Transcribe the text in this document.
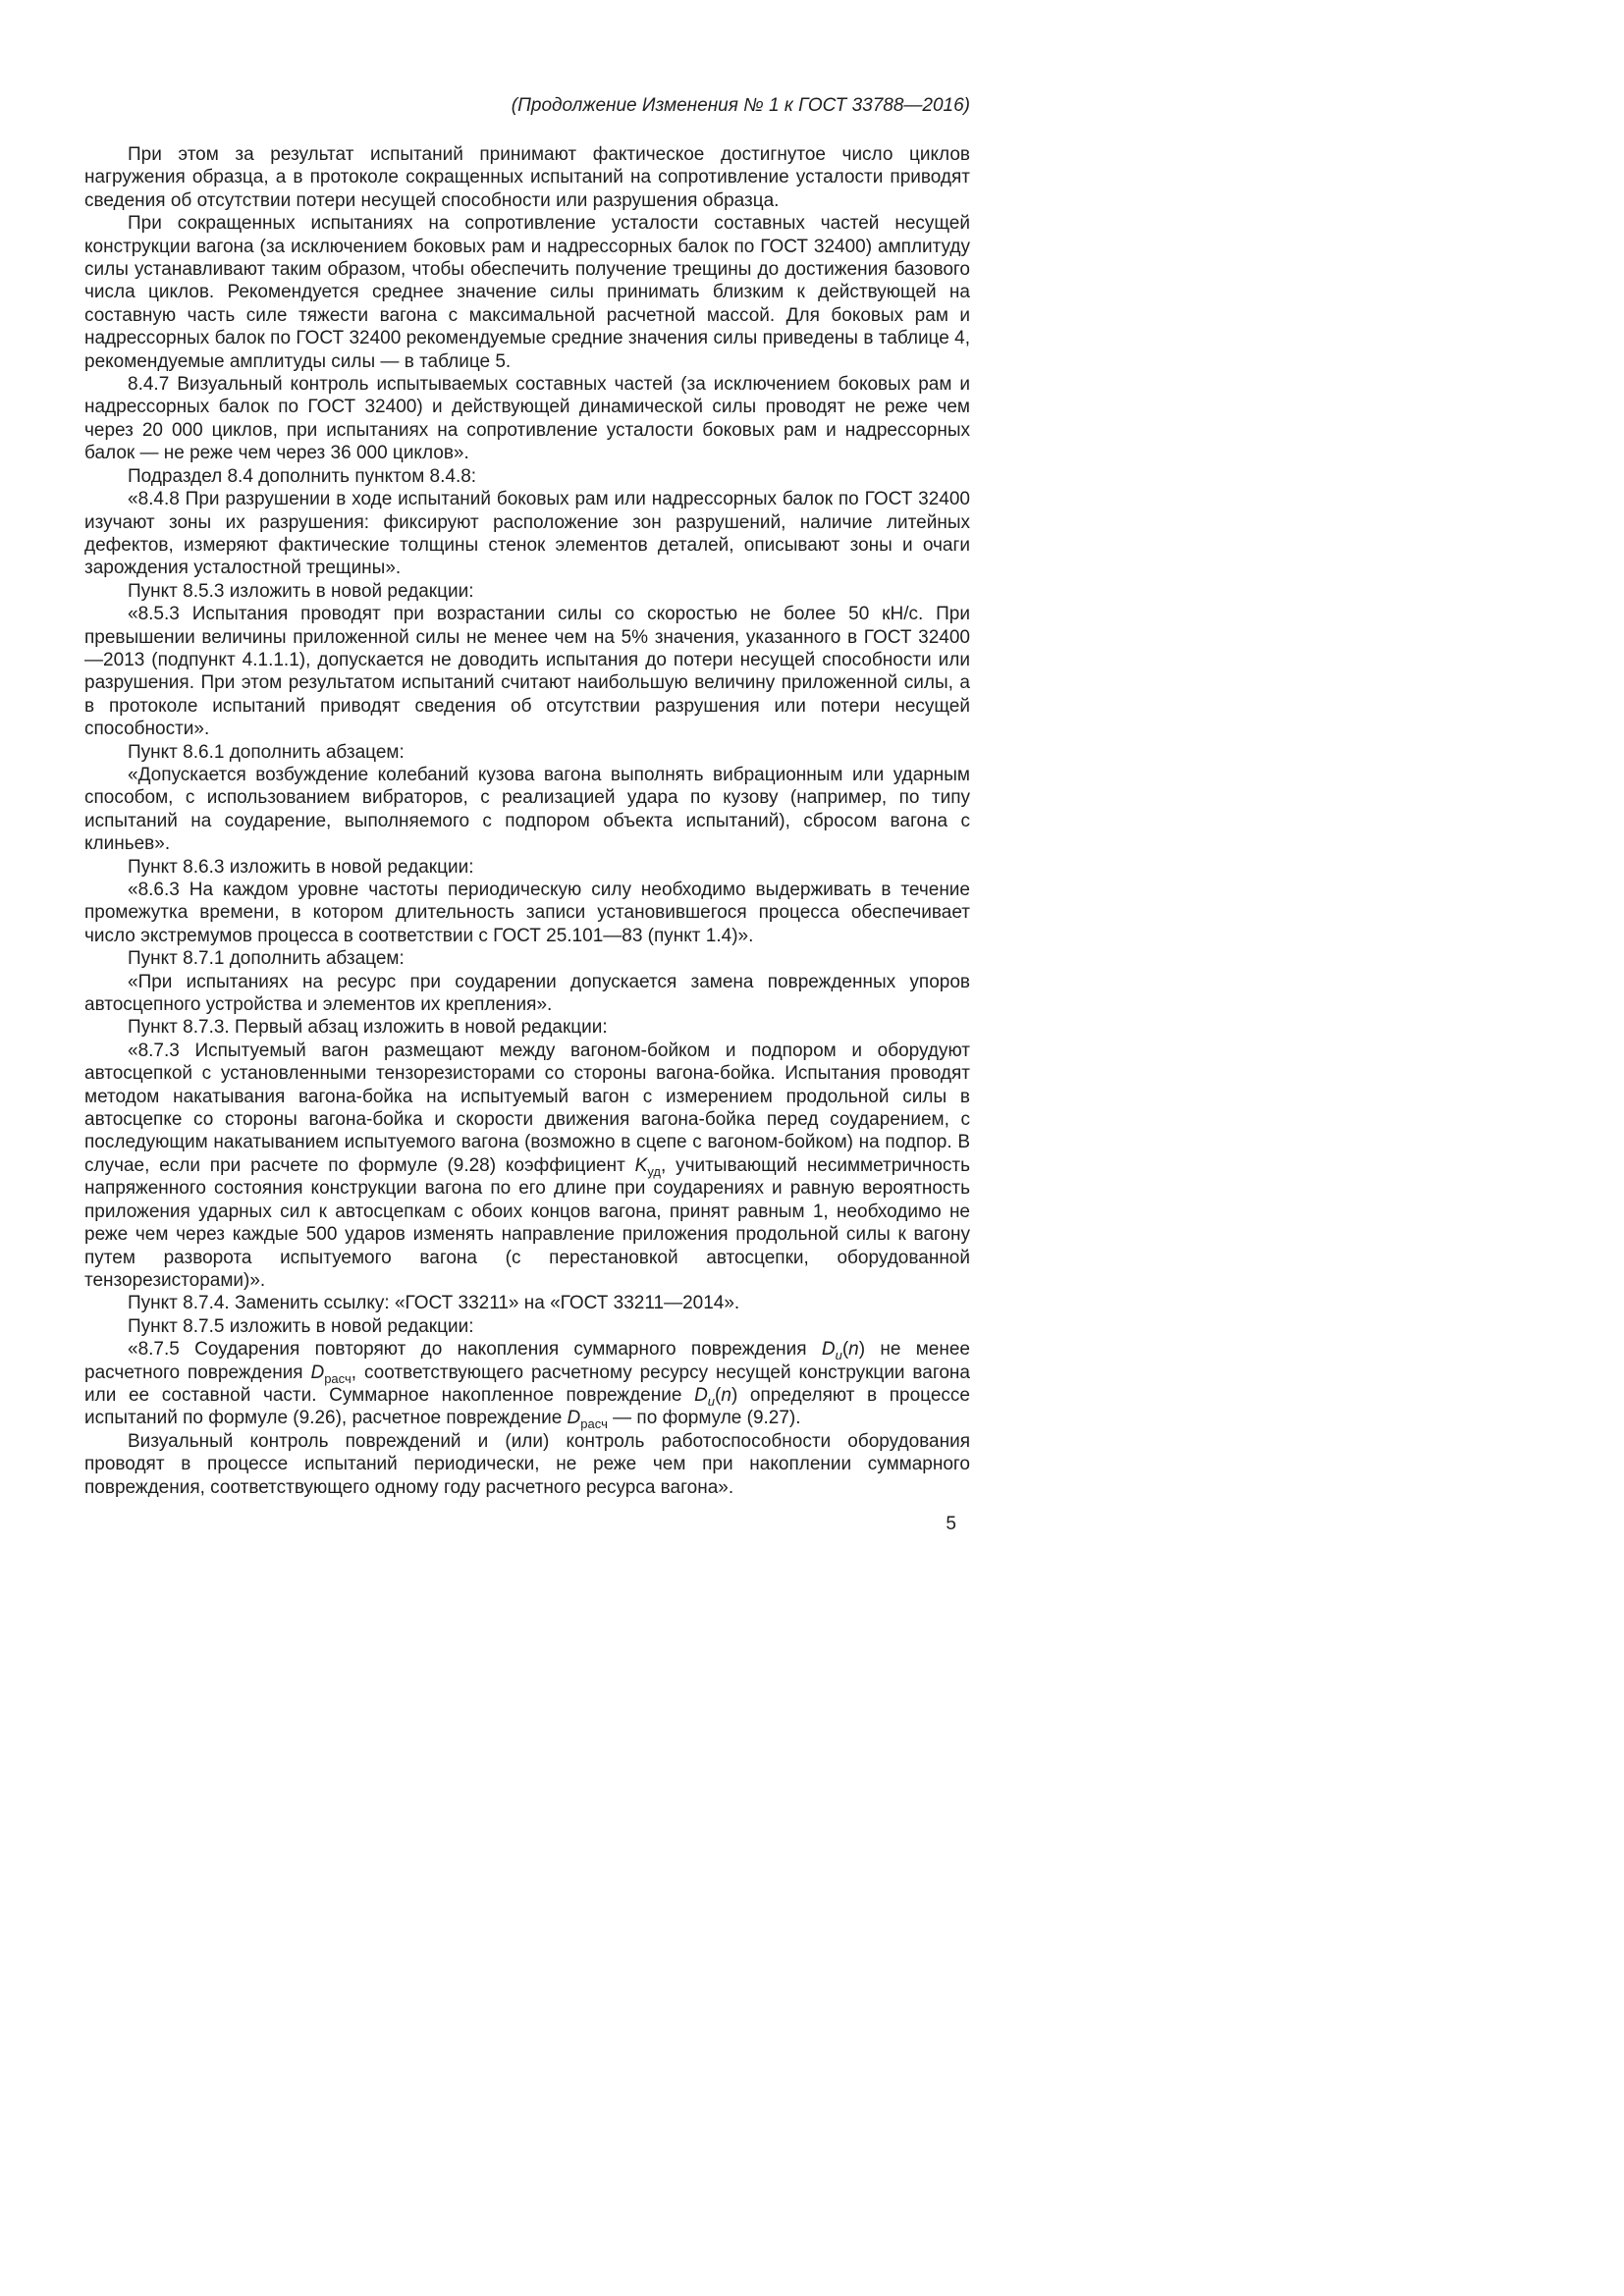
(Продолжение Изменения № 1 к ГОСТ 33788—2016)

При этом за результат испытаний принимают фактическое достигнутое число циклов нагружения образца, а в протоколе сокращенных испытаний на сопротивление усталости приводят сведения об отсутствии потери несущей способности или разрушения образца.

При сокращенных испытаниях на сопротивление усталости составных частей несущей конструкции вагона (за исключением боковых рам и надрессорных балок по ГОСТ 32400) амплитуду силы устанавливают таким образом, чтобы обеспечить получение трещины до достижения базового числа циклов. Рекомендуется среднее значение силы принимать близким к действующей на составную часть силе тяжести вагона с максимальной расчетной массой. Для боковых рам и надрессорных балок по ГОСТ 32400 рекомендуемые средние значения силы приведены в таблице 4, рекомендуемые амплитуды силы — в таблице 5.

8.4.7 Визуальный контроль испытываемых составных частей (за исключением боковых рам и надрессорных балок по ГОСТ 32400) и действующей динамической силы проводят не реже чем через 20 000 циклов, при испытаниях на сопротивление усталости боковых рам и надрессорных балок — не реже чем через 36 000 циклов».

Подраздел 8.4 дополнить пунктом 8.4.8:

«8.4.8 При разрушении в ходе испытаний боковых рам или надрессорных балок по ГОСТ 32400 изучают зоны их разрушения: фиксируют расположение зон разрушений, наличие литейных дефектов, измеряют фактические толщины стенок элементов деталей, описывают зоны и очаги зарождения усталостной трещины».

Пункт 8.5.3 изложить в новой редакции:

«8.5.3 Испытания проводят при возрастании силы со скоростью не более 50 кН/с. При превышении величины приложенной силы не менее чем на 5% значения, указанного в ГОСТ 32400—2013 (подпункт 4.1.1.1), допускается не доводить испытания до потери несущей способности или разрушения. При этом результатом испытаний считают наибольшую величину приложенной силы, а в протоколе испытаний приводят сведения об отсутствии разрушения или потери несущей способности».

Пункт 8.6.1 дополнить абзацем:

«Допускается возбуждение колебаний кузова вагона выполнять вибрационным или ударным способом, с использованием вибраторов, с реализацией удара по кузову (например, по типу испытаний на соударение, выполняемого с подпором объекта испытаний), сбросом вагона с клиньев».

Пункт 8.6.3 изложить в новой редакции:

«8.6.3 На каждом уровне частоты периодическую силу необходимо выдерживать в течение промежутка времени, в котором длительность записи установившегося процесса обеспечивает число экстремумов процесса в соответствии с ГОСТ 25.101—83 (пункт 1.4)».

Пункт 8.7.1 дополнить абзацем:

«При испытаниях на ресурс при соударении допускается замена поврежденных упоров автосцепного устройства и элементов их крепления».

Пункт 8.7.3. Первый абзац изложить в новой редакции:

«8.7.3 Испытуемый вагон размещают между вагоном-бойком и подпором и оборудуют автосцепкой с установленными тензорезисторами со стороны вагона-бойка. Испытания проводят методом накатывания вагона-бойка на испытуемый вагон с измерением продольной силы в автосцепке со стороны вагона-бойка и скорости движения вагона-бойка перед соударением, с последующим накатыванием испытуемого вагона (возможно в сцепе с вагоном-бойком) на подпор. В случае, если при расчете по формуле (9.28) коэффициент $K_{уд}$, учитывающий несимметричность напряженного состояния конструкции вагона по его длине при соударениях и равную вероятность приложения ударных сил к автосцепкам с обоих концов вагона, принят равным 1, необходимо не реже чем через каждые 500 ударов изменять направление приложения продольной силы к вагону путем разворота испытуемого вагона (с перестановкой автосцепки, оборудованной тензорезисторами)».

Пункт 8.7.4. Заменить ссылку: «ГОСТ 33211» на «ГОСТ 33211—2014».

Пункт 8.7.5 изложить в новой редакции:

«8.7.5 Соударения повторяют до накопления суммарного повреждения $D_и(n)$ не менее расчетного повреждения $D_{расч}$, соответствующего расчетному ресурсу несущей конструкции вагона или ее составной части. Суммарное накопленное повреждение $D_и(n)$ определяют в процессе испытаний по формуле (9.26), расчетное повреждение $D_{расч}$ — по формуле (9.27).

Визуальный контроль повреждений и (или) контроль работоспособности оборудования проводят в процессе испытаний периодически, не реже чем при накоплении суммарного повреждения, соответствующего одному году расчетного ресурса вагона».

5
